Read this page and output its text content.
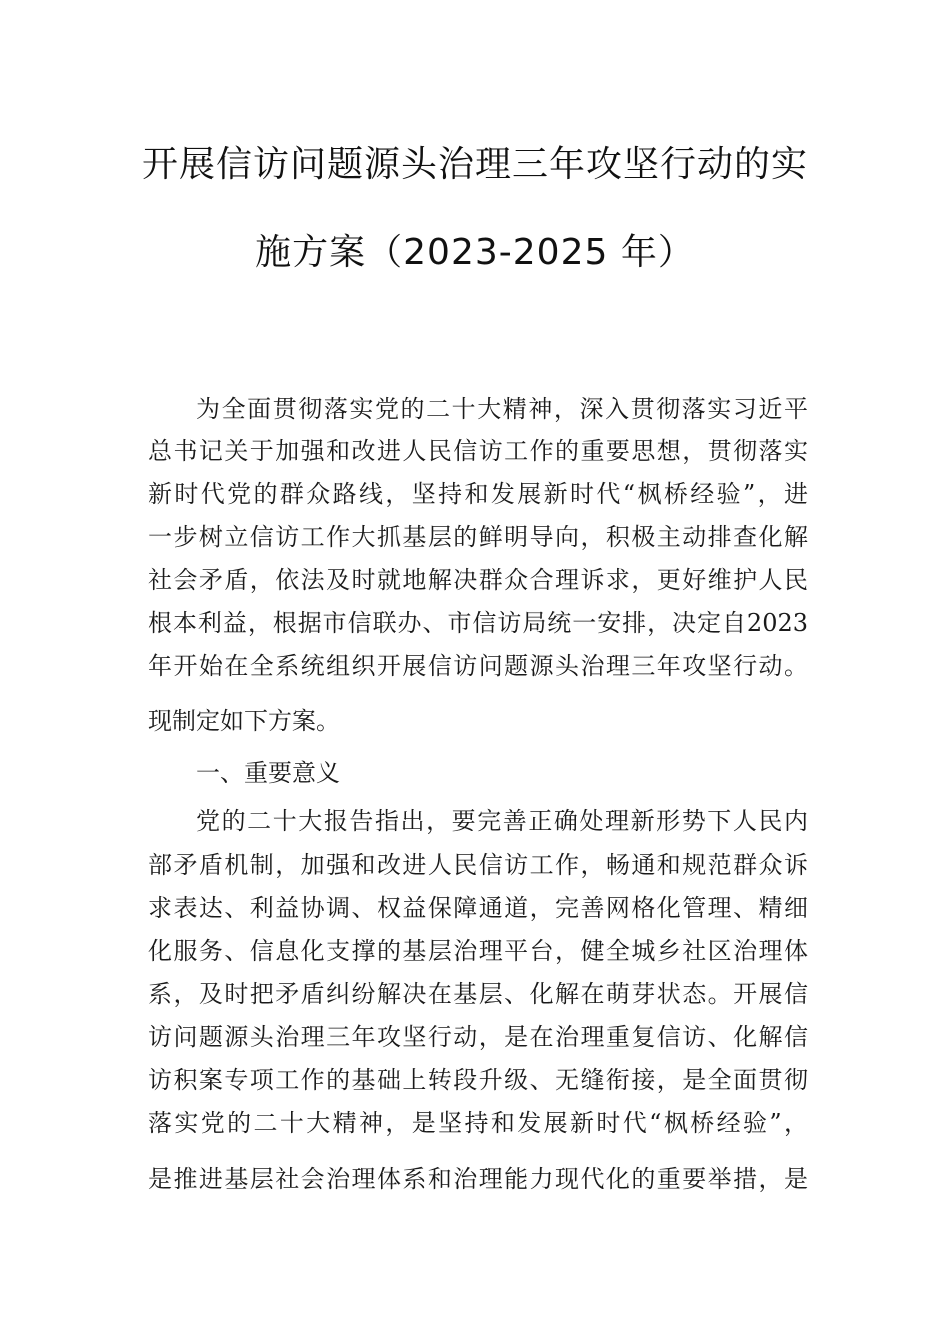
开展信访问题源头治理三年攻坚行动的实
施方案（2023-2025 年）
为全面贯彻落实党的二十大精神，深入贯彻落实习近平
总书记关于加强和改进人民信访工作的重要思想，贯彻落实
新时代党的群众路线，坚持和发展新时代“枫桥经验”，进
一步树立信访工作大抓基层的鲜明导向，积极主动排查化解
社会矛盾，依法及时就地解决群众合理诉求，更好维护人民
根本利益，根据市信联办、市信访局统一安排，决定自2023
年开始在全系统组织开展信访问题源头治理三年攻坚行动。
现制定如下方案。
一、重要意义
党的二十大报告指出，要完善正确处理新形势下人民内
部矛盾机制，加强和改进人民信访工作，畅通和规范群众诉
求表达、利益协调、权益保障通道，完善网格化管理、精细
化服务、信息化支撑的基层治理平台，健全城乡社区治理体
系，及时把矛盾纠纷解决在基层、化解在萌芽状态。开展信
访问题源头治理三年攻坚行动，是在治理重复信访、化解信
访积案专项工作的基础上转段升级、无缝衔接，是全面贯彻
落实党的二十大精神，是坚持和发展新时代“枫桥经验”，
是推进基层社会治理体系和治理能力现代化的重要举措，是
